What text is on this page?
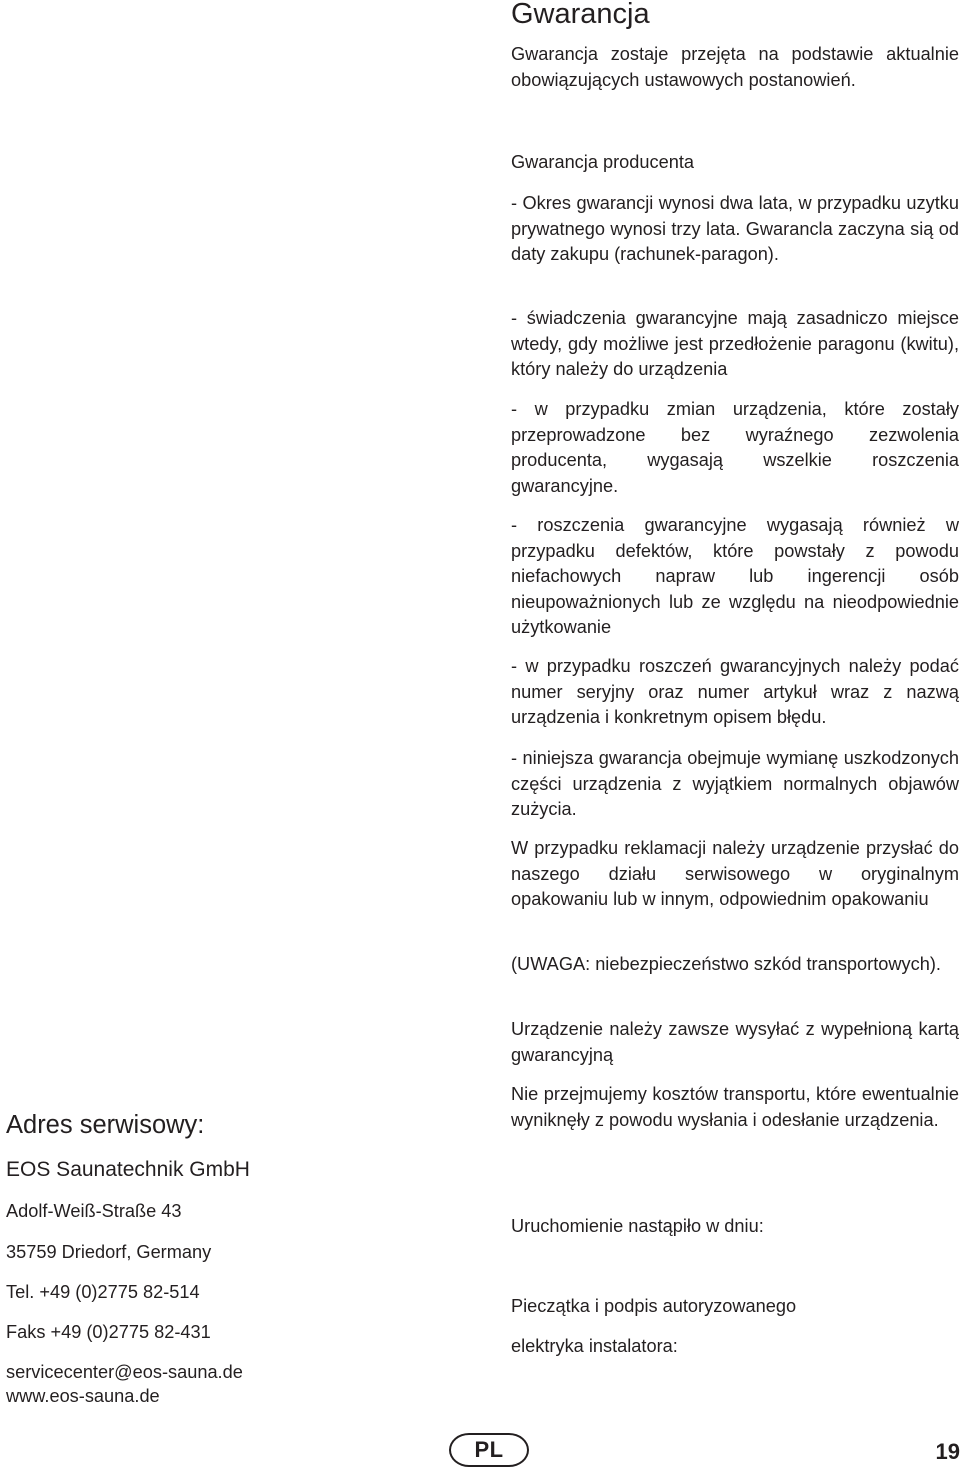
Gwarancja

Gwarancja zostaje przejęta na podstawie aktualnie obowiązujących ustawowych postanowień.

Gwarancja producenta

- Okres gwarancji wynosi dwa lata, w przypadku uzytku prywatnego wynosi trzy lata. Gwarancla zaczyna sią od daty zakupu (rachunek-paragon).

- świadczenia gwarancyjne mają zasadniczo miejsce wtedy, gdy możliwe jest przedłożenie paragonu (kwitu), który należy do urządzenia

- w przypadku zmian urządzenia, które zostały przeprowadzone bez wyraźnego zezwolenia producenta, wygasają wszelkie roszczenia gwarancyjne.

- roszczenia gwarancyjne wygasają również w przypadku defektów, które powstały z powodu niefachowych napraw lub ingerencji osób nieupoważnionych lub ze względu na nieodpowiednie użytkowanie

- w przypadku roszczeń gwarancyjnych należy podać numer seryjny oraz numer artykuł wraz z nazwą urządzenia i konkretnym opisem błędu.

- niniejsza gwarancja obejmuje wymianę uszkodzonych części urządzenia z wyjątkiem normalnych objawów zużycia.

W przypadku reklamacji należy urządzenie przysłać do naszego działu serwisowego w oryginalnym opakowaniu lub w innym, odpowiednim opakowaniu

(UWAGA: niebezpieczeństwo szkód transportowych).

Urządzenie należy zawsze wysyłać z wypełnioną kartą gwarancyjną

Nie przejmujemy kosztów transportu, które ewentualnie wyniknęły z powodu wysłania i odesłanie urządzenia.

Uruchomienie nastąpiło w dniu:

Pieczątka i podpis autoryzowanego

elektryka instalatora:

Adres serwisowy:

EOS Saunatechnik GmbH

Adolf-Weiß-Straße 43

35759 Driedorf, Germany

Tel. +49 (0)2775 82-514

Faks +49 (0)2775 82-431

servicecenter@eos-sauna.de

www.eos-sauna.de

PL	19
